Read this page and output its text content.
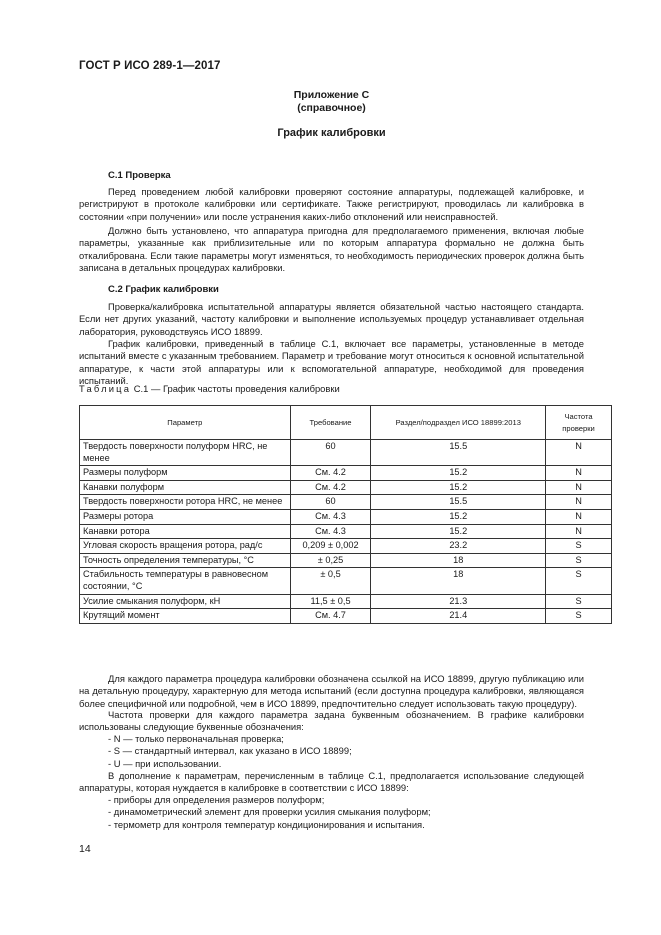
ГОСТ Р ИСО 289-1—2017
Приложение С
(справочное)
График калибровки
С.1 Проверка

Перед проведением любой калибровки проверяют состояние аппаратуры, подлежащей калибровке, и регистрируют в протоколе калибровки или сертификате. Также регистрируют, проводилась ли калибровка в состоянии «при получении» или после устранения каких-либо отклонений или неисправностей.

Должно быть установлено, что аппаратура пригодна для предполагаемого применения, включая любые параметры, указанные как приблизительные или по которым аппаратура формально не должна быть откалибрована. Если такие параметры могут изменяться, то необходимость периодических проверок должна быть записана в детальных процедурах калибровки.

С.2 График калибровки

Проверка/калибровка испытательной аппаратуры является обязательной частью настоящего стандарта. Если нет других указаний, частоту калибровки и выполнение используемых процедур устанавливает отдельная лаборатория, руководствуясь ИСО 18899.

График калибровки, приведенный в таблице С.1, включает все параметры, установленные в методе испытаний вместе с указанным требованием. Параметр и требование могут относиться к основной испытательной аппаратуре, к части этой аппаратуры или к вспомогательной аппаратуре, необходимой для проведения испытаний.

Таблица С.1 — График частоты проведения калибровки
Параметр	Требование	Раздел/подраздел ИСО 18899:2013	Частота проверки
Твердость поверхности полуформ HRC, не менее	60	15.5	N
Размеры полуформ	См. 4.2	15.2	N
Канавки полуформ	См. 4.2	15.2	N
Твердость поверхности ротора HRC, не менее	60	15.5	N
Размеры ротора	См. 4.3	15.2	N
Канавки ротора	См. 4.3	15.2	N
Угловая скорость вращения ротора, рад/с	0,209 ± 0,002	23.2	S
Точность определения температуры, °С	± 0,25	18	S
Стабильность температуры в равновесном состоянии, °С	± 0,5	18	S
Усилие смыкания полуформ, кН	11,5 ± 0,5	21.3	S
Крутящий момент	См. 4.7	21.4	S

Для каждого параметра процедура калибровки обозначена ссылкой на ИСО 18899, другую публикацию или на детальную процедуру, характерную для метода испытаний (если доступна процедура калибровки, являющаяся более специфичной или подробной, чем в ИСО 18899, предпочтительно следует использовать такую процедуру).

Частота проверки для каждого параметра задана буквенным обозначением. В графике калибровки использованы следующие буквенные обозначения:

- N — только первоначальная проверка;
- S — стандартный интервал, как указано в ИСО 18899;
- U — при использовании.

В дополнение к параметрам, перечисленным в таблице С.1, предполагается использование следующей аппаратуры, которая нуждается в калибровке в соответствии с ИСО 18899:

- приборы для определения размеров полуформ;
- динамометрический элемент для проверки усилия смыкания полуформ;
- термометр для контроля температур кондиционирования и испытания.
14
